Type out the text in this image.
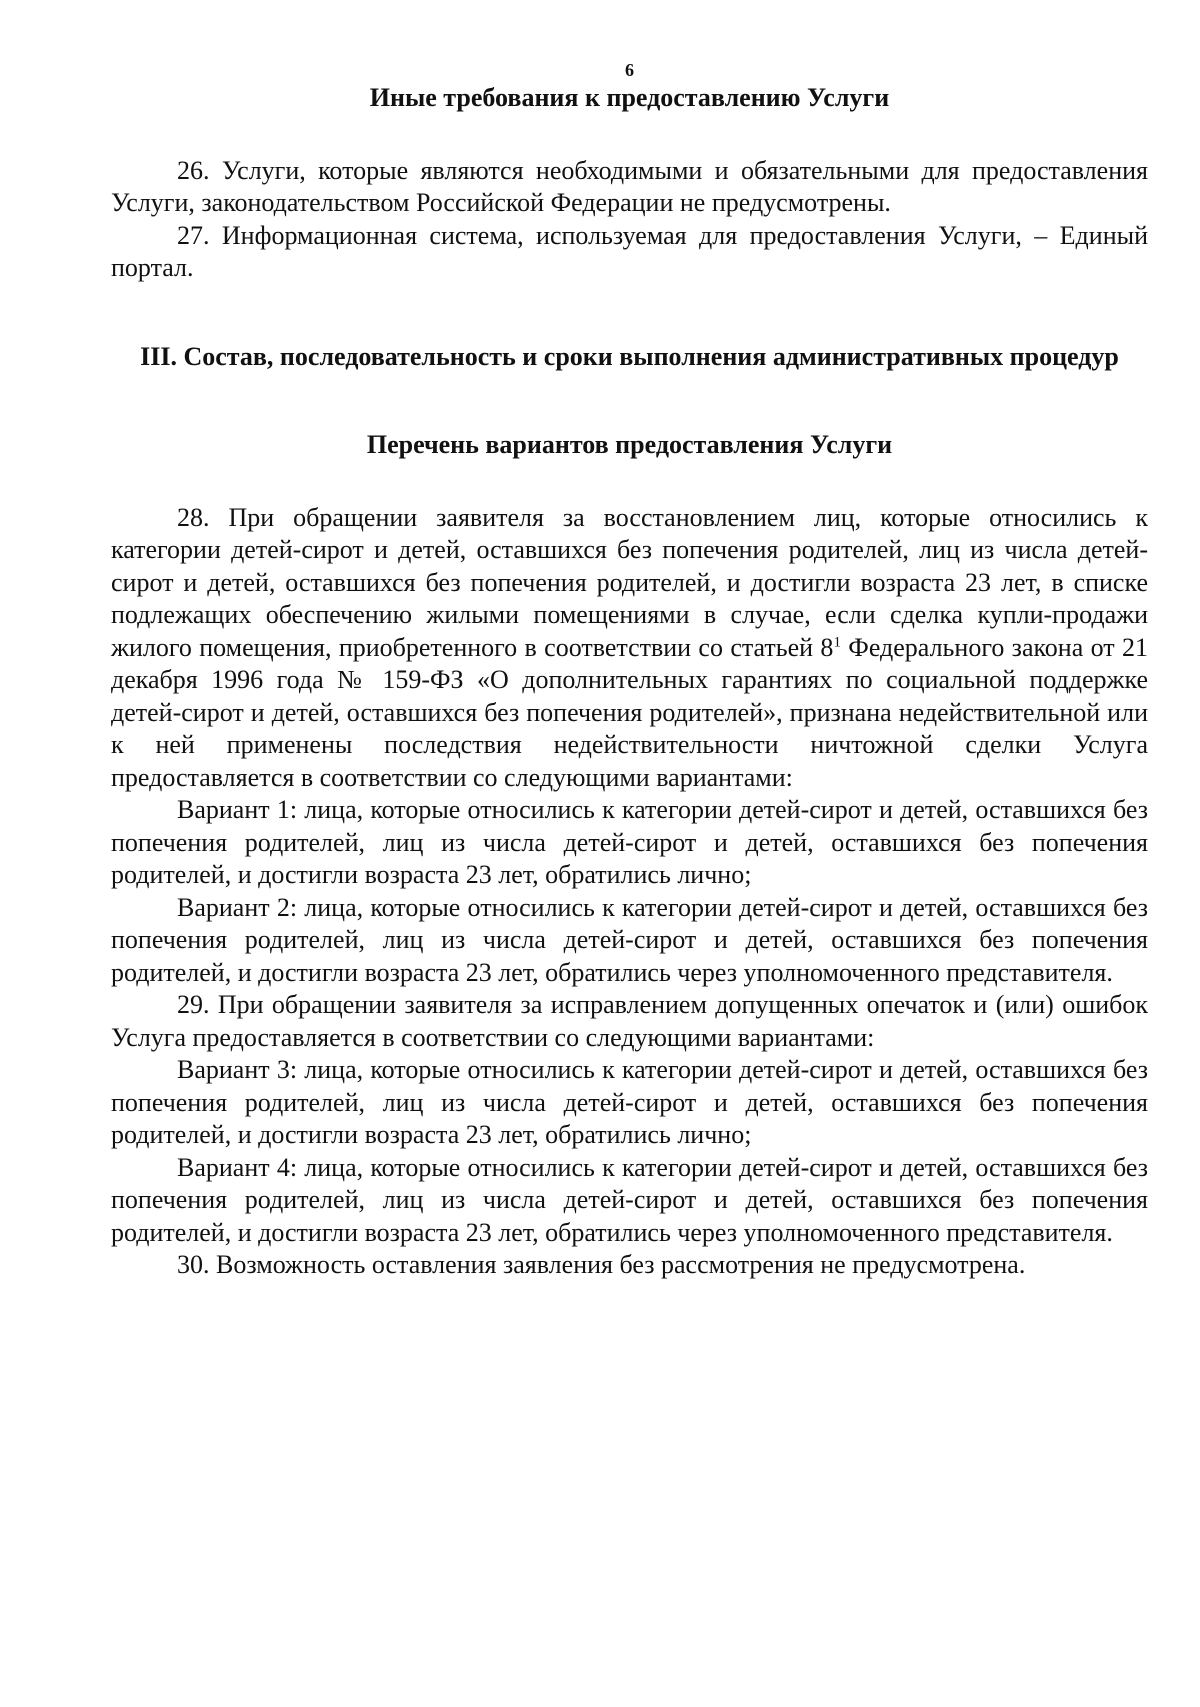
6
Иные требования к предоставлению Услуги

26. Услуги, которые являются необходимыми и обязательными для предоставления Услуги, законодательством Российской Федерации не предусмотрены.

27. Информационная система, используемая для предоставления Услуги, – Единый портал.

III. Состав, последовательность и сроки выполнения административных процедур
Перечень вариантов предоставления Услуги

28. При обращении заявителя за восстановлением лиц, которые относились к категории детей-сирот и детей, оставшихся без попечения родителей, лиц из числа детей-сирот и детей, оставшихся без попечения родителей, и достигли возраста 23 лет, в списке подлежащих обеспечению жилыми помещениями в случае, если сделка купли-продажи жилого помещения, приобретенного в соответствии со статьей $8^1$ Федерального закона от 21 декабря 1996 года № 159-ФЗ «О дополнительных гарантиях по социальной поддержке детей-сирот и детей, оставшихся без попечения родителей», признана недействительной или к ней применены последствия недействительности ничтожной сделки Услуга предоставляется в соответствии со следующими вариантами:

Вариант 1: лица, которые относились к категории детей-сирот и детей, оставшихся без попечения родителей, лиц из числа детей-сирот и детей, оставшихся без попечения родителей, и достигли возраста 23 лет, обратились лично;

Вариант 2: лица, которые относились к категории детей-сирот и детей, оставшихся без попечения родителей, лиц из числа детей-сирот и детей, оставшихся без попечения родителей, и достигли возраста 23 лет, обратились через уполномоченного представителя.

29. При обращении заявителя за исправлением допущенных опечаток и (или) ошибок Услуга предоставляется в соответствии со следующими вариантами:

Вариант 3: лица, которые относились к категории детей-сирот и детей, оставшихся без попечения родителей, лиц из числа детей-сирот и детей, оставшихся без попечения родителей, и достигли возраста 23 лет, обратились лично;

Вариант 4: лица, которые относились к категории детей-сирот и детей, оставшихся без попечения родителей, лиц из числа детей-сирот и детей, оставшихся без попечения родителей, и достигли возраста 23 лет, обратились через уполномоченного представителя.

30. Возможность оставления заявления без рассмотрения не предусмотрена.
